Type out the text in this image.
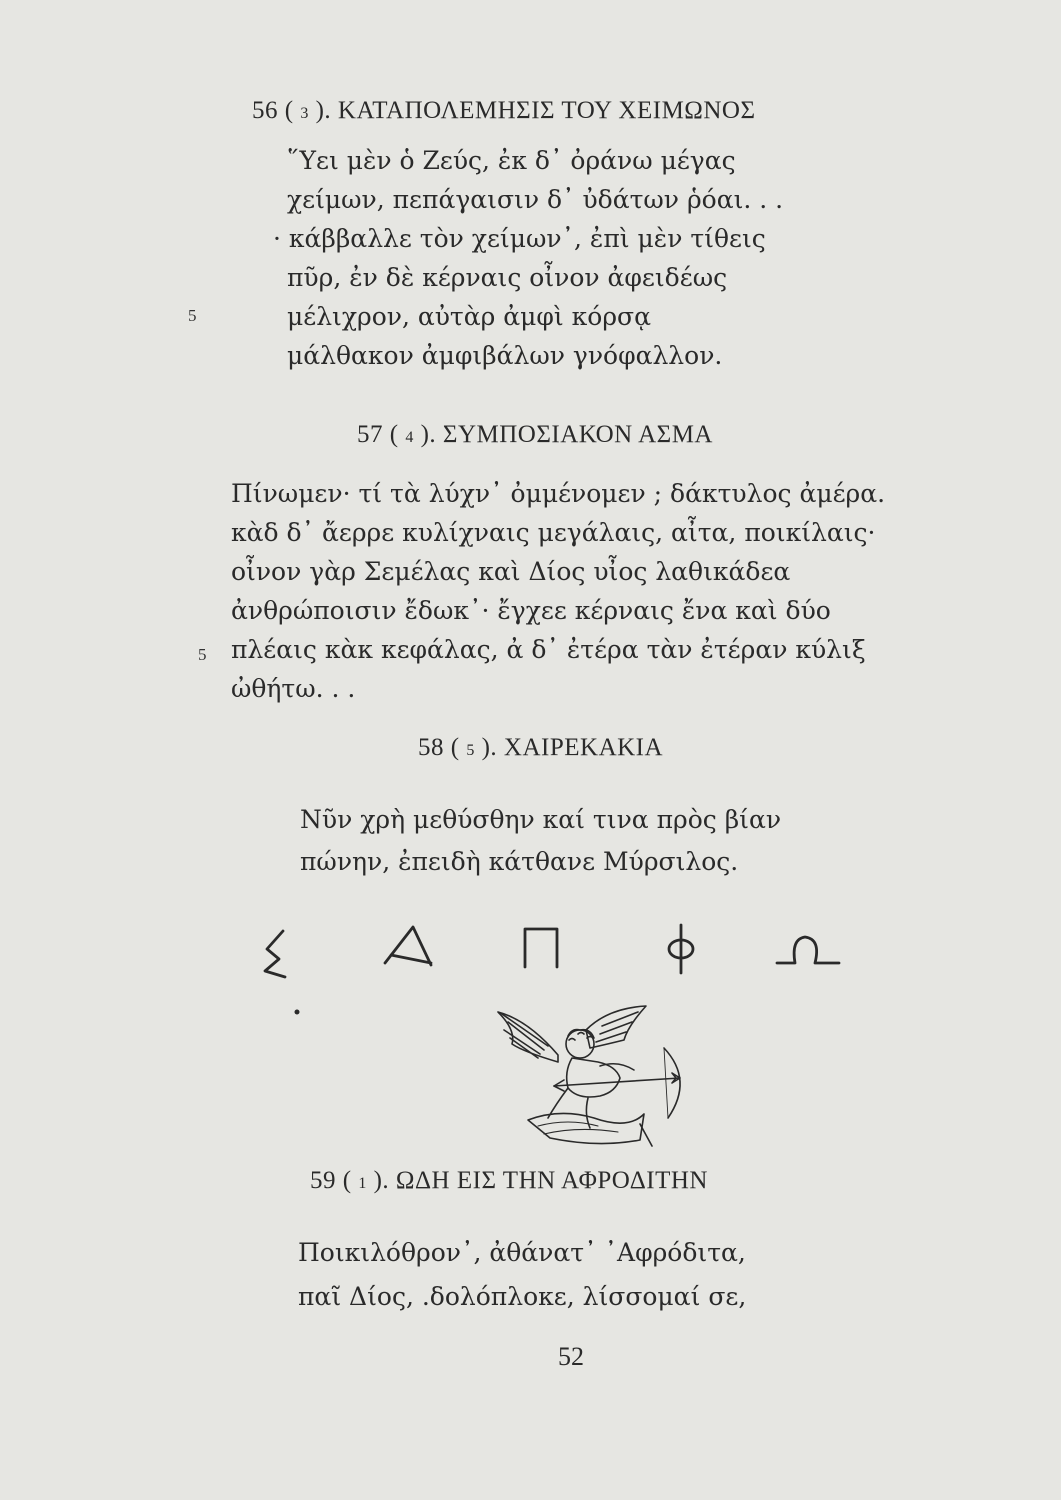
56 ( 3 ). ΚΑΤΑΠΟΛΕΜΗΣΙΣ ΤΟΥ ΧΕΙΜΩΝΟΣ
῞Υει μὲν ὁ Ζεύς, ἐκ δ᾽ ὀράνω μέγας
χείμων, πεπάγαισιν δ᾽ ὐδάτων ῥόαι. . .
· κάββαλλε τὸν χείμων᾽, ἐπὶ μὲν τίθεις
πῦρ, ἐν δὲ κέρναις οἶνον ἀφειδέως
μέλιχρον, αὐτὰρ ἀμφὶ κόρσᾳ
μάλθακον ἀμφιβάλων γνόφαλλον.
5
57 ( 4 ). ΣΥΜΠΟΣΙΑΚΟΝ ΑΣΜΑ
Πίνωμεν· τί τὰ λύχν᾽ ὀμμένομεν ; δάκτυλος ἀμέρα.
κὰδ δ᾽ ἄερρε κυλίχναις μεγάλαις, αἶτα, ποικίλαις·
οἶνον γὰρ Σεμέλας καὶ Δίος υἶος λαθικάδεα
ἀνθρώποισιν ἔδωκ᾽· ἔγχεε κέρναις ἔνα καὶ δύο
πλέαις κὰκ κεφάλας, ἀ δ᾽ ἐτέρα τὰν ἐτέραν κύλιξ
ὠθήτω. . .
5
58 ( 5 ). ΧΑΙΡΕΚΑΚΙΑ
Νῦν χρὴ μεθύσθην καί τινα πρὸς βίαν
πώνην, ἐπειδὴ κάτθανε Μύρσιλος.
59 ( 1 ). ΩΔΗ ΕΙΣ ΤΗΝ ΑΦΡΟΔΙΤΗΝ
Ποικιλόθρον᾽, ἀθάνατ᾽ ᾿Αφρόδιτα,
παῖ Δίος, .δολόπλοκε, λίσσομαί σε,
52
